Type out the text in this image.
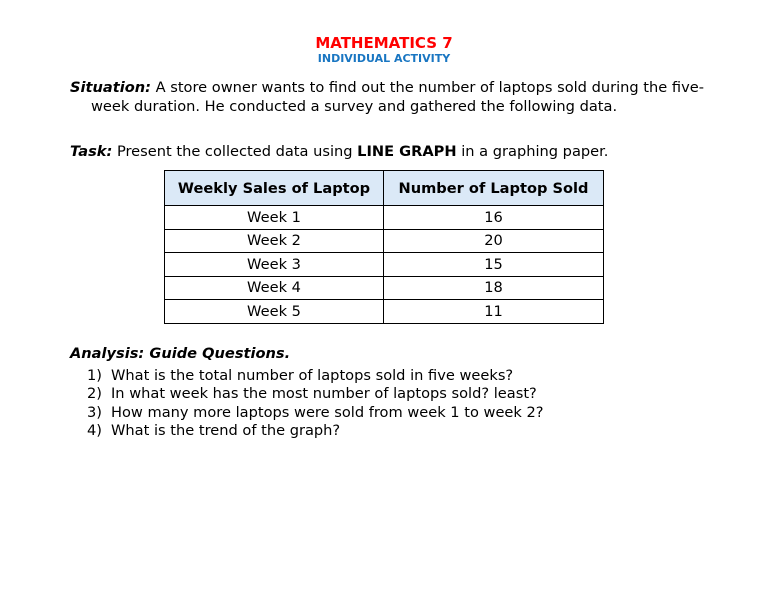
MATHEMATICS 7
INDIVIDUAL ACTIVITY
Situation: A store owner wants to find out the number of laptops sold during the five-week duration. He conducted a survey and gathered the following data.
Task: Present the collected data using LINE GRAPH in a graphing paper.
Weekly Sales of Laptop	Number of Laptop Sold
Week 1	16
Week 2	20
Week 3	15
Week 4	18
Week 5	11
Analysis: Guide Questions.
1) What is the total number of laptops sold in five weeks?
2) In what week has the most number of laptops sold? least?
3) How many more laptops were sold from week 1 to week 2?
4) What is the trend of the graph?
